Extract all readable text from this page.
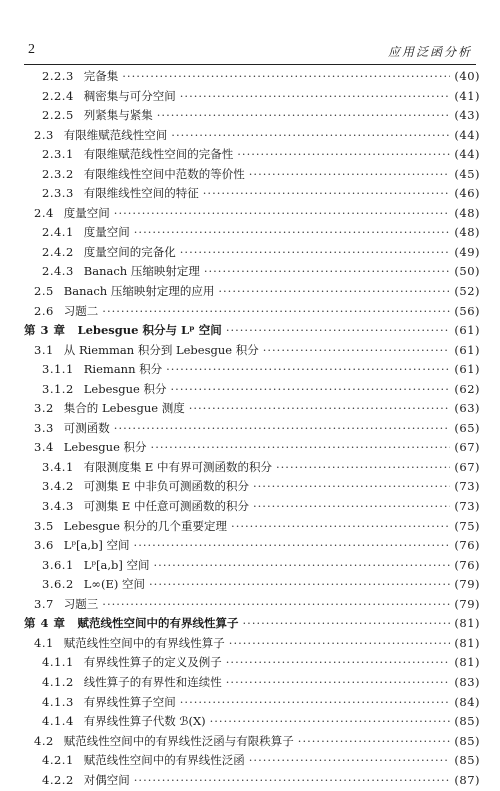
2	应用泛函分析
2.2.3 完备集 ·····	(40)
2.2.4 稠密集与可分空间 ·····	(41)
2.2.5 列紧集与紧集 ·····	(43)
2.3 有限维赋范线性空间 ·····	(44)
2.3.1 有限维赋范线性空间的完备性 ·····	(44)
2.3.2 有限维线性空间中范数的等价性 ·····	(45)
2.3.3 有限维线性空间的特征 ·····	(46)
2.4 度量空间 ·····	(48)
2.4.1 度量空间 ·····	(48)
2.4.2 度量空间的完备化 ·····	(49)
2.4.3 Banach 压缩映射定理 ·····	(50)
2.5 Banach 压缩映射定理的应用 ·····	(52)
2.6 习题二 ·····	(56)
第 3 章 Lebesgue 积分与 Lᵖ 空间 ·····	(61)
3.1 从 Riemman 积分到 Lebesgue 积分 ·····	(61)
3.1.1 Riemann 积分 ·····	(61)
3.1.2 Lebesgue 积分 ·····	(62)
3.2 集合的 Lebesgue 测度 ·····	(63)
3.3 可测函数 ·····	(65)
3.4 Lebesgue 积分 ·····	(67)
3.4.1 有限测度集 E 中有界可测函数的积分 ·····	(67)
3.4.2 可测集 E 中非负可测函数的积分 ·····	(73)
3.4.3 可测集 E 中任意可测函数的积分 ·····	(73)
3.5 Lebesgue 积分的几个重要定理 ·····	(75)
3.6 Lᵖ[a,b] 空间 ·····	(76)
3.6.1 Lᵖ[a,b] 空间 ·····	(76)
3.6.2 L∞(E) 空间 ·····	(79)
3.7 习题三 ·····	(79)
第 4 章 赋范线性空间中的有界线性算子 ·····	(81)
4.1 赋范线性空间中的有界线性算子 ·····	(81)
4.1.1 有界线性算子的定义及例子 ·····	(81)
4.1.2 线性算子的有界性和连续性 ·····	(83)
4.1.3 有界线性算子空间 ·····	(84)
4.1.4 有界线性算子代数 ℬ(X) ·····	(85)
4.2 赋范线性空间中的有界线性泛函与有限秩算子 ·····	(85)
4.2.1 赋范线性空间中的有界线性泛函 ·····	(85)
4.2.2 对偶空间 ·····	(87)
